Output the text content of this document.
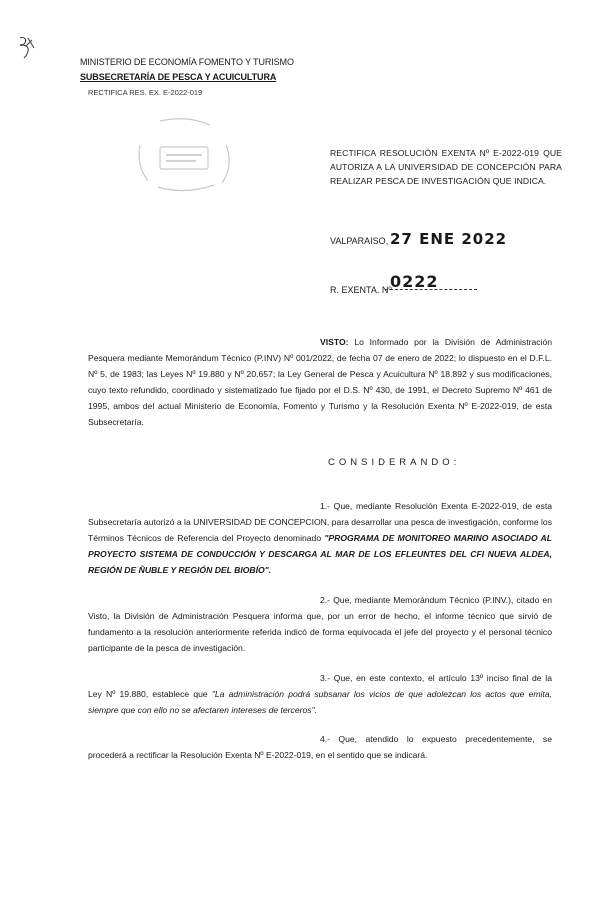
MINISTERIO DE ECONOMÍA FOMENTO Y TURISMO
SUBSECRETARÍA DE PESCA Y ACUICULTURA
RECTIFICA RES. EX. E-2022-019
RECTIFICA RESOLUCIÓN EXENTA Nº E-2022-019 QUE AUTORIZA A LA UNIVERSIDAD DE CONCEPCIÓN PARA REALIZAR PESCA DE INVESTIGACIÓN QUE INDICA.
VALPARAISO, 27 ENE 2022
R. EXENTA. Nº
0222
VISTO: Lo Informado por la División de Administración Pesquera mediante Memorándum Técnico (P.INV) Nº 001/2022, de fecha 07 de enero de 2022; lo dispuesto en el D.F.L. Nº 5, de 1983; las Leyes Nº 19.880 y Nº 20.657; la Ley General de Pesca y Acuicultura Nº 18.892 y sus modificaciones, cuyo texto refundido, coordinado y sistematizado fue fijado por el D.S. Nº 430, de 1991, el Decreto Supremo Nº 461 de 1995, ambos del actual Ministerio de Economía, Fomento y Turismo y la Resolución Exenta Nº E-2022-019, de esta Subsecretaría.
CONSIDERANDO:
1.- Que, mediante Resolución Exenta E-2022-019, de esta Subsecretaría autorizó a la UNIVERSIDAD DE CONCEPCION, para desarrollar una pesca de investigación, conforme los Términos Técnicos de Referencia del Proyecto denominado "PROGRAMA DE MONITOREO MARINO ASOCIADO AL PROYECTO SISTEMA DE CONDUCCIÓN Y DESCARGA AL MAR DE LOS EFLEUNTES DEL CFI NUEVA ALDEA, REGIÓN DE ÑUBLE Y REGIÓN DEL BIOBÍO".
2.- Que, mediante Memorándum Técnico (P.INV.), citado en Visto, la División de Administración Pesquera informa que, por un error de hecho, el informe técnico que sirvió de fundamento a la resolución anteriormente referida indicó de forma equivocada el jefe del proyecto y el personal técnico participante de la pesca de investigación.
3.- Que, en este contexto, el artículo 13º inciso final de la Ley Nº 19.880, establece que "La administración podrá subsanar los vicios de que adolezcan los actos que emita, siempre que con ello no se afectaren intereses de terceros".
4.- Que, atendido lo expuesto precedentemente, se procederá a rectificar la Resolución Exenta Nº E-2022-019, en el sentido que se indicará.
